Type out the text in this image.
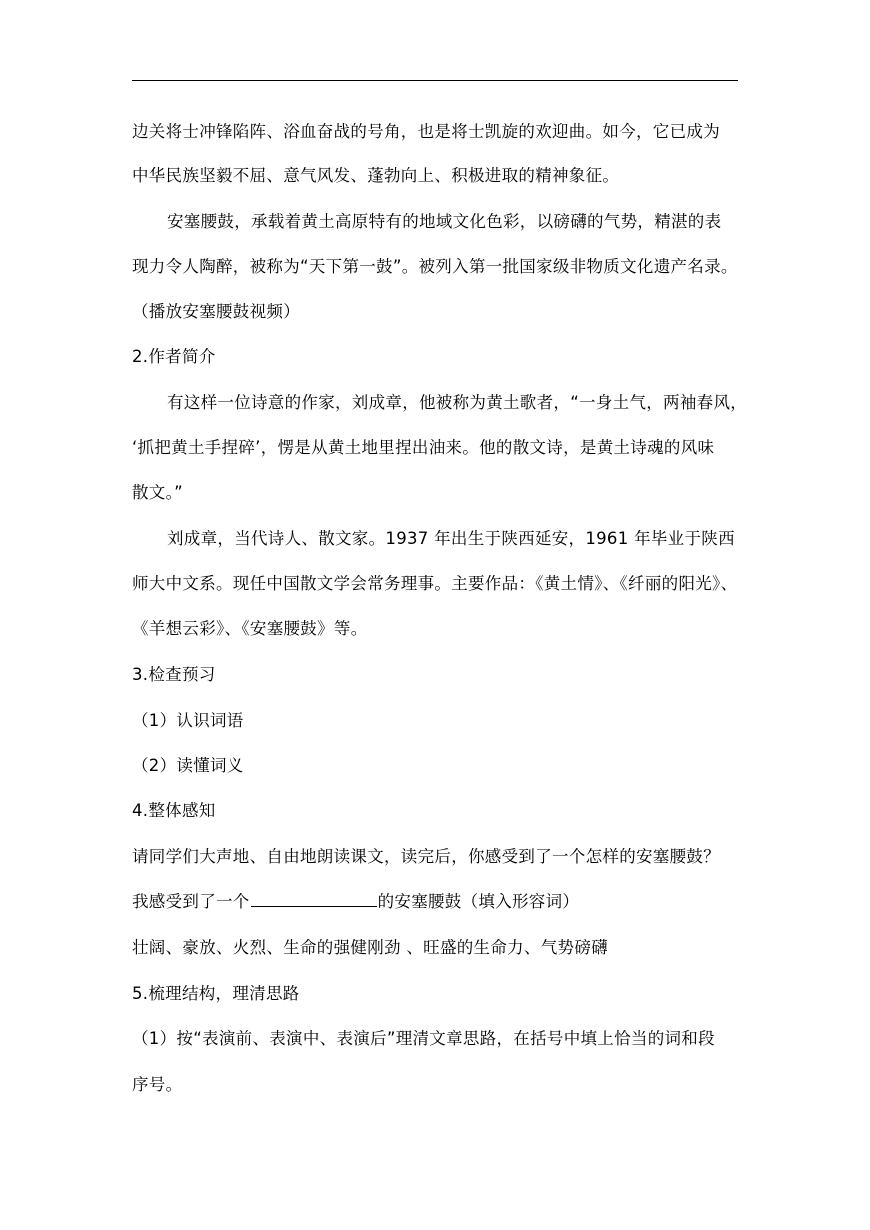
边关将士冲锋陷阵、浴血奋战的号角，也是将士凯旋的欢迎曲。如今，它已成为
中华民族坚毅不屈、意气风发、蓬勃向上、积极进取的精神象征。
安塞腰鼓，承载着黄土高原特有的地域文化色彩，以磅礴的气势，精湛的表
现力令人陶醉，被称为“天下第一鼓”。被列入第一批国家级非物质文化遗产名录。
（播放安塞腰鼓视频）
2.作者简介
有这样一位诗意的作家，刘成章，他被称为黄土歌者，“一身土气，两袖春风，
‘抓把黄土手捏碎’，愣是从黄土地里捏出油来。他的散文诗，是黄土诗魂的风味
散文。”
刘成章，当代诗人、散文家。1937 年出生于陕西延安，1961 年毕业于陕西
师大中文系。现任中国散文学会常务理事。主要作品：《黄土情》、《纤丽的阳光》、
《羊想云彩》、《安塞腰鼓》等。
3.检查预习
（1）认识词语
（2）读懂词义
4.整体感知
请同学们大声地、自由地朗读课文，读完后，你感受到了一个怎样的安塞腰鼓？
我感受到了一个	的安塞腰鼓（填入形容词）
壮阔、豪放、火烈、生命的强健刚劲 、旺盛的生命力、气势磅礴
5.梳理结构，理清思路
（1）按“表演前、表演中、表演后”理清文章思路，在括号中填上恰当的词和段
序号。
